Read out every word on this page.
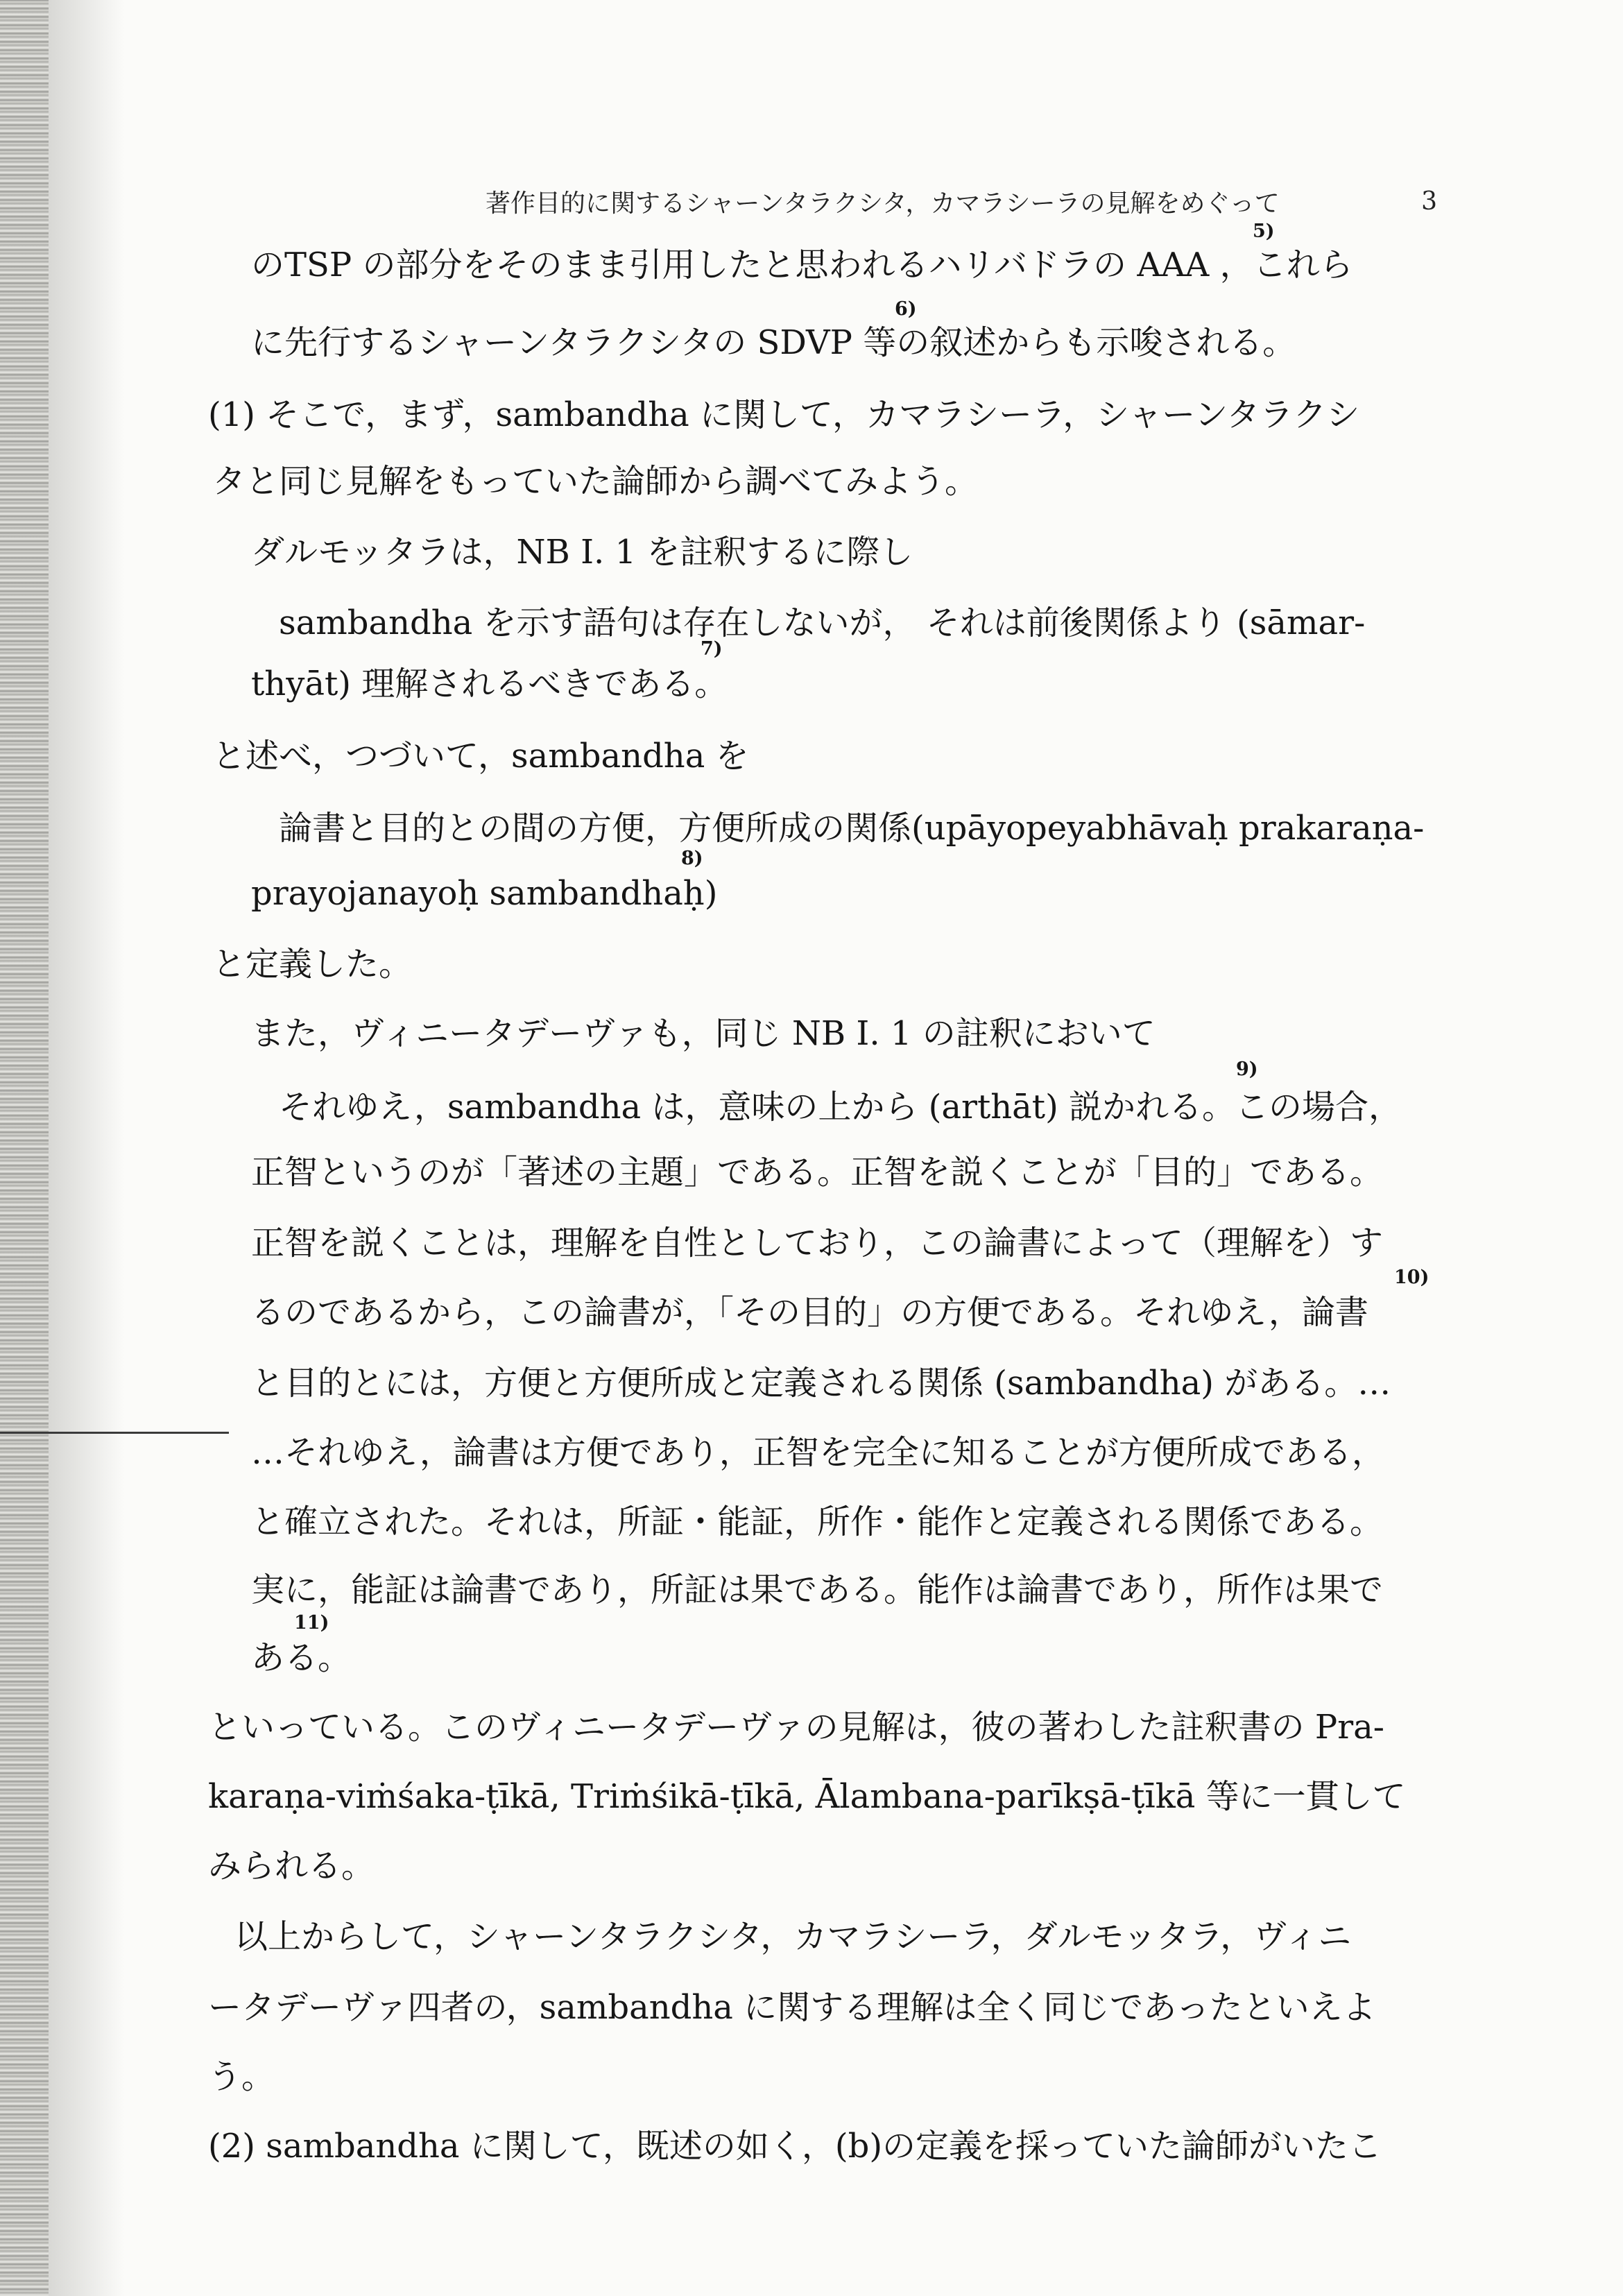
著作目的に関するシャーンタラクシタ，カマラシーラの見解をめぐって	3
のTSP の部分をそのまま引用したと思われるハリバドラの AAA ，これら
に先行するシャーンタラクシタの SDVP 等の叙述からも示唆される。
(1) そこで，まず，sambandha に関して，カマラシーラ，シャーンタラクシ
タと同じ見解をもっていた論師から調べてみよう。
ダルモッタラは，NB I. 1 を註釈するに際し
sambandha を示す語句は存在しないが， それは前後関係より (sāmar-
thyāt) 理解されるべきである。
と述べ，つづいて，sambandha を
論書と目的との間の方便，方便所成の関係(upāyopeyabhāvaḥ prakaraṇa-
prayojanayoḥ sambandhaḥ)
と定義した。
また，ヴィニータデーヴァも，同じ NB I. 1 の註釈において
それゆえ，sambandha は，意味の上から (arthāt) 説かれる。この場合，
正智というのが「著述の主題」である。正智を説くことが「目的」である。
正智を説くことは，理解を自性としており，この論書によって（理解を）す
るのであるから，この論書が，「その目的」の方便である。それゆえ，論書
と目的とには，方便と方便所成と定義される関係 (sambandha) がある。…
…それゆえ，論書は方便であり，正智を完全に知ることが方便所成である，
と確立された。それは，所証・能証，所作・能作と定義される関係である。
実に，能証は論書であり，所証は果である。能作は論書であり，所作は果で
ある。
といっている。このヴィニータデーヴァの見解は，彼の著わした註釈書の Pra-
karaṇa-viṁśaka-ṭīkā, Triṁśikā-ṭīkā, Ālambana-parīkṣā-ṭīkā 等に一貫して
みられる。
以上からして，シャーンタラクシタ，カマラシーラ，ダルモッタラ，ヴィニ
ータデーヴァ四者の，sambandha に関する理解は全く同じであったといえよ
う。
(2) sambandha に関して，既述の如く，(b)の定義を採っていた論師がいたこ
5)
6)
7)
8)
9)
10)
11)
